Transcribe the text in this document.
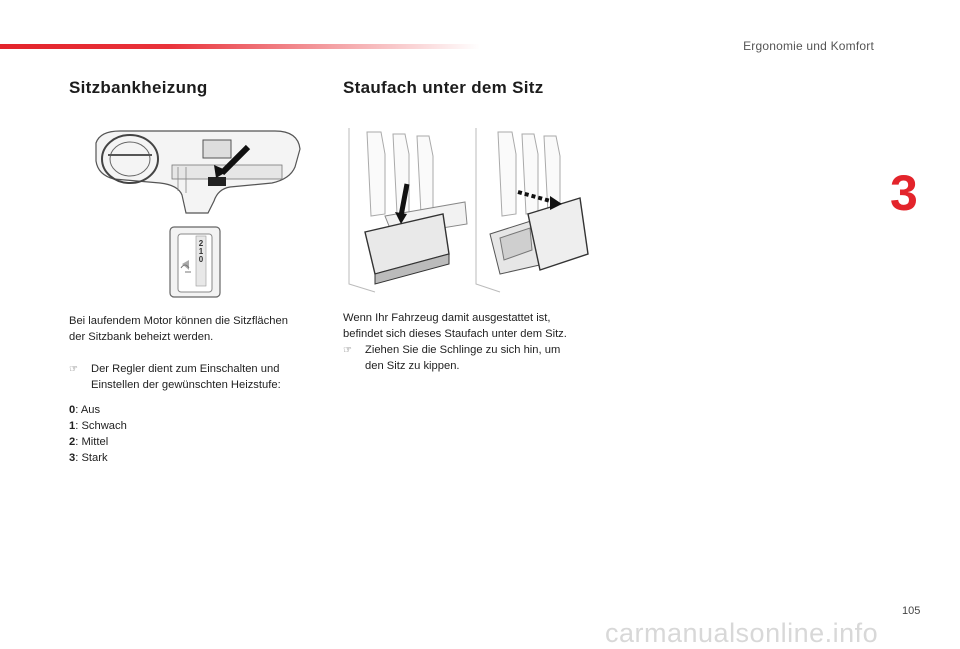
Ergonomie und Komfort
3
Sitzbankheizung
2
1
0
Bei laufendem Motor können die Sitzflächen
der Sitzbank beheizt werden.
☞	Der Regler dient zum Einschalten und
Einstellen der gewünschten Heizstufe:
0: Aus
1: Schwach
2: Mittel
3: Stark
Staufach unter dem Sitz
Wenn Ihr Fahrzeug damit ausgestattet ist,
befindet sich dieses Staufach unter dem Sitz.
☞	Ziehen Sie die Schlinge zu sich hin, um
den Sitz zu kippen.
105
carmanualsonline.info
